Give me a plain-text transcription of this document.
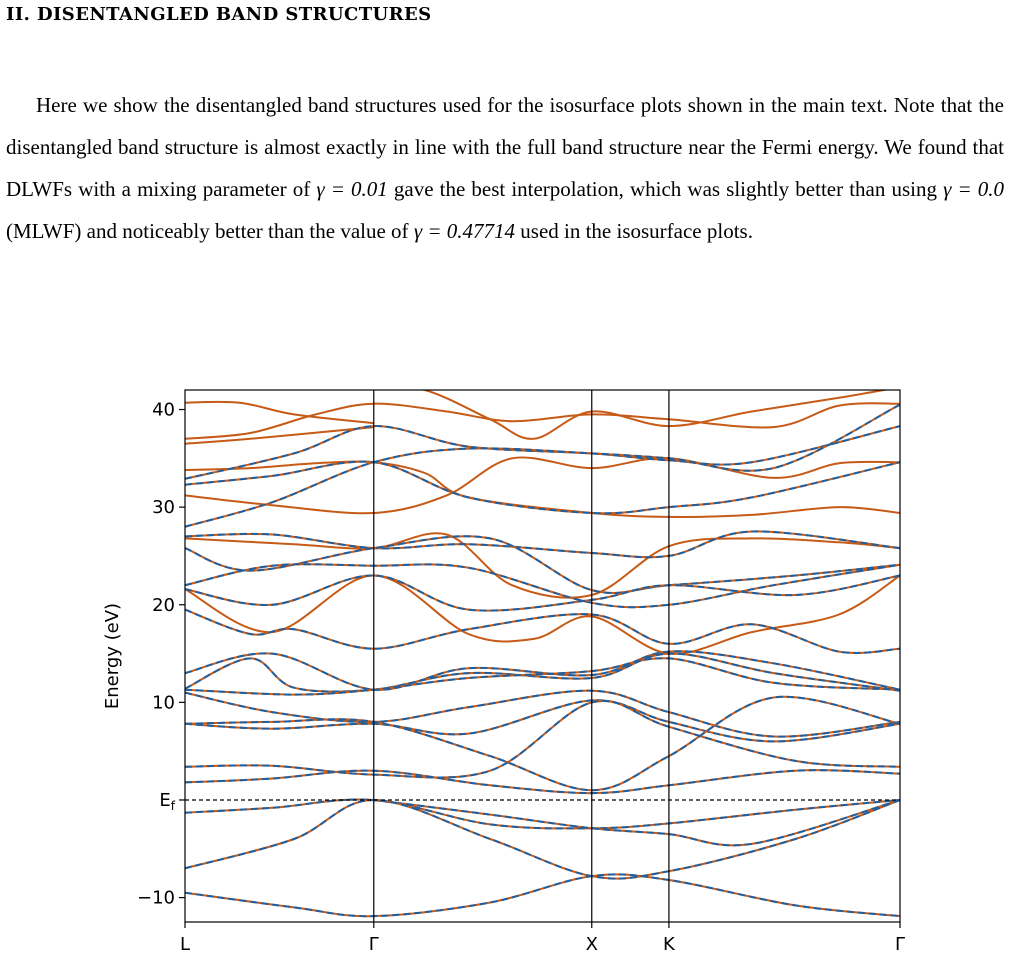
II. DISENTANGLED BAND STRUCTURES
Here we show the disentangled band structures used for the isosurface plots shown in the main text. Note that the disentangled band structure is almost exactly in line with the full band structure near the Fermi energy. We found that DLWFs with a mixing parameter of γ = 0.01 gave the best interpolation, which was slightly better than using γ = 0.0 (MLWF) and noticeably better than the value of γ = 0.47714 used in the isosurface plots.
−10
$E_f$
10
20
30
40
L	Γ	X	K	Γ
Energy (eV)
